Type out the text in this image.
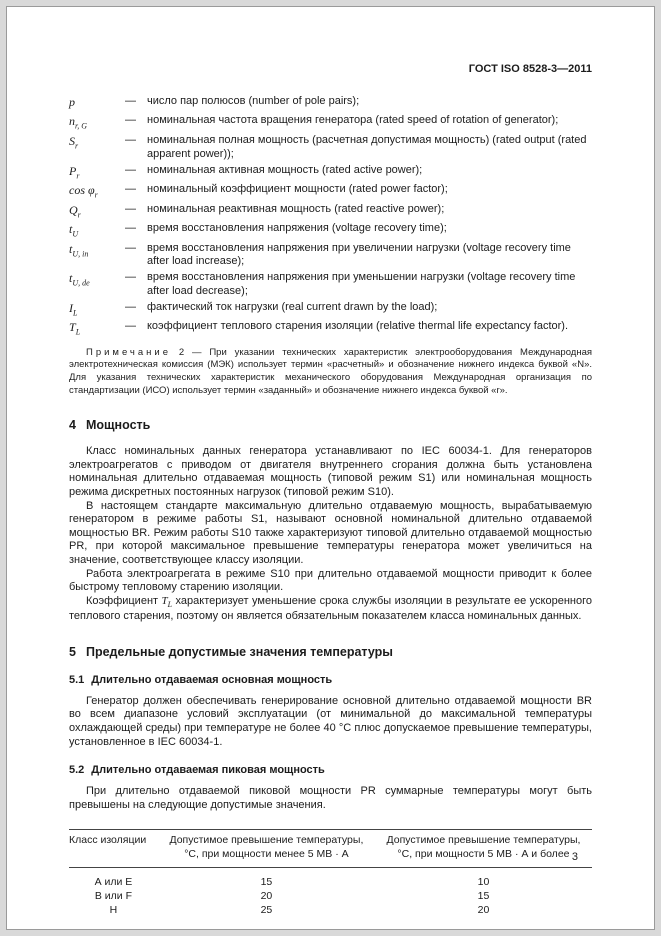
ГОСТ ISO 8528-3—2011
p	—	число пар полюсов (number of pole pairs);
$n_{r, G}$	—	номинальная частота вращения генератора (rated speed of rotation of generator);
$S_r$	—	номинальная полная мощность (расчетная допустимая мощность) (rated output (rated apparent power));
$P_r$	—	номинальная активная мощность (rated active power);
$\cos \varphi_r$	—	номинальный коэффициент мощности (rated power factor);
$Q_r$	—	номинальная реактивная мощность (rated reactive power);
$t_U$	—	время восстановления напряжения (voltage recovery time);
$t_{U, in}$	—	время восстановления напряжения при увеличении нагрузки (voltage recovery time after load increase);
$t_{U, de}$	—	время восстановления напряжения при уменьшении нагрузки (voltage recovery time after load decrease);
$I_L$	—	фактический ток нагрузки (real current drawn by the load);
$T_L$	—	коэффициент теплового старения изоляции (relative thermal life expectancy factor).
Примечание 2 — При указании технических характеристик электрооборудования Международная электротехническая комиссия (МЭК) использует термин «расчетный» и обозначение нижнего индекса буквой «N». Для указания технических характеристик механического оборудования Международная организация по стандартизации (ИСО) использует термин «заданный» и обозначение нижнего индекса буквой «r».
4 Мощность

Класс номинальных данных генератора устанавливают по IEC 60034-1. Для генераторов электроагрегатов с приводом от двигателя внутреннего сгорания должна быть установлена номинальная длительно отдаваемая мощность (типовой режим S1) или номинальная мощность режима дискретных постоянных нагрузок (типовой режим S10).

В настоящем стандарте максимальную длительно отдаваемую мощность, вырабатываемую генератором в режиме работы S1, называют основной номинальной длительно отдаваемой мощностью BR. Режим работы S10 также характеризуют типовой длительно отдаваемой мощностью PR, при которой максимальное превышение температуры генератора может увеличиться на значение, соответствующее классу изоляции.

Работа электроагрегата в режиме S10 при длительно отдаваемой мощности приводит к более быстрому тепловому старению изоляции.

Коэффициент $T_L$ характеризует уменьшение срока службы изоляции в результате ее ускоренного теплового старения, поэтому он является обязательным показателем класса номинальных данных.

5 Предельные допустимые значения температуры
5.1 Длительно отдаваемая основная мощность

Генератор должен обеспечивать генерирование основной длительно отдаваемой мощности BR во всем диапазоне условий эксплуатации (от минимальной до максимальной температуры охлаждающей среды) при температуре не более 40 °С плюс допускаемое превышение температуры, установленное в IEC 60034-1.

5.2 Длительно отдаваемая пиковая мощность

При длительно отдаваемой пиковой мощности PR суммарные температуры могут быть превышены на следующие допустимые значения.

Класс изоляции	Допустимое превышение температуры, °С, при мощности менее 5 МВ · А	Допустимое превышение температуры, °С, при мощности 5 МВ · А и более
А или Е	15	10
В или F	20	15
Н	25	20
3
